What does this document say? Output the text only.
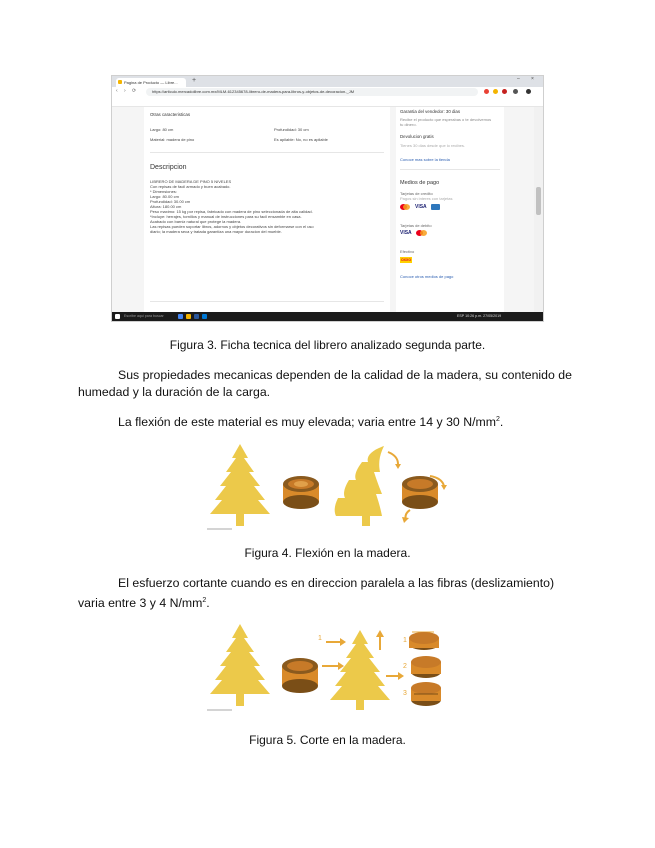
Pagina de Producto — Libre...	+	– ×
‹ › ⟳	https://articulo.mercadolibre.com.mx/MLM-612345678-librero-de-madera-para-libros-y-objetos-de-decoracion-_JM

Otras caracteristicas
Largo: 80 cm	Profundidad: 30 cm
Material: madera de pino	Es apilable: No, no es apilable
Descripcion
LIBRERO DE MADERA DE PINO 5 NIVELES
Con repisas de facil armado y buen acabado.
* Dimensiones:
Largo: 80.00 cm
Profundidad: 30.00 cm
Altura: 180.00 cm
Peso maximo: 15 kg por repisa, fabricado con madera de pino seleccionada de alta calidad.
*Incluye: herrajes, tornillos y manual de instrucciones para su facil ensamble en casa.
Acabado con barniz natural que protege la madera.
Las repisas pueden soportar libros, adornos y objetos decorativos sin deformarse con el uso
diario; la madera seca y tratada garantiza una mayor duracion del mueble.
Garantia del vendedor: 30 dias
Recibe el producto que esperabas o te devolvemos
tu dinero.
Devolucion gratis
Tienes 30 dias desde que lo recibes.
Conoce mas sobre la tienda
Medios de pago
Tarjetas de credito
Pagos sin interes con tarjetas
VISA
Tarjetas de debito
VISA
Efectivo
OXXO
Conoce otros medios de pago
Escribe aqui para buscar	ESP 10:26 p.m. 27/05/2019
Figura 3. Ficha tecnica del librero analizado segunda parte.
Sus propiedades mecanicas dependen de la calidad de la madera, su contenido de humedad y la duración de la carga.
La flexión de este material es muy elevada; varia entre 14 y 30 $N/mm^2$.
Figura 4. Flexión en la madera.
El esfuerzo cortante cuando es en direccion paralela a las fibras (deslizamiento) varia entre 3 y 4 $N/mm^2$.
1	1
2
3
Figura 5. Corte en la madera.
